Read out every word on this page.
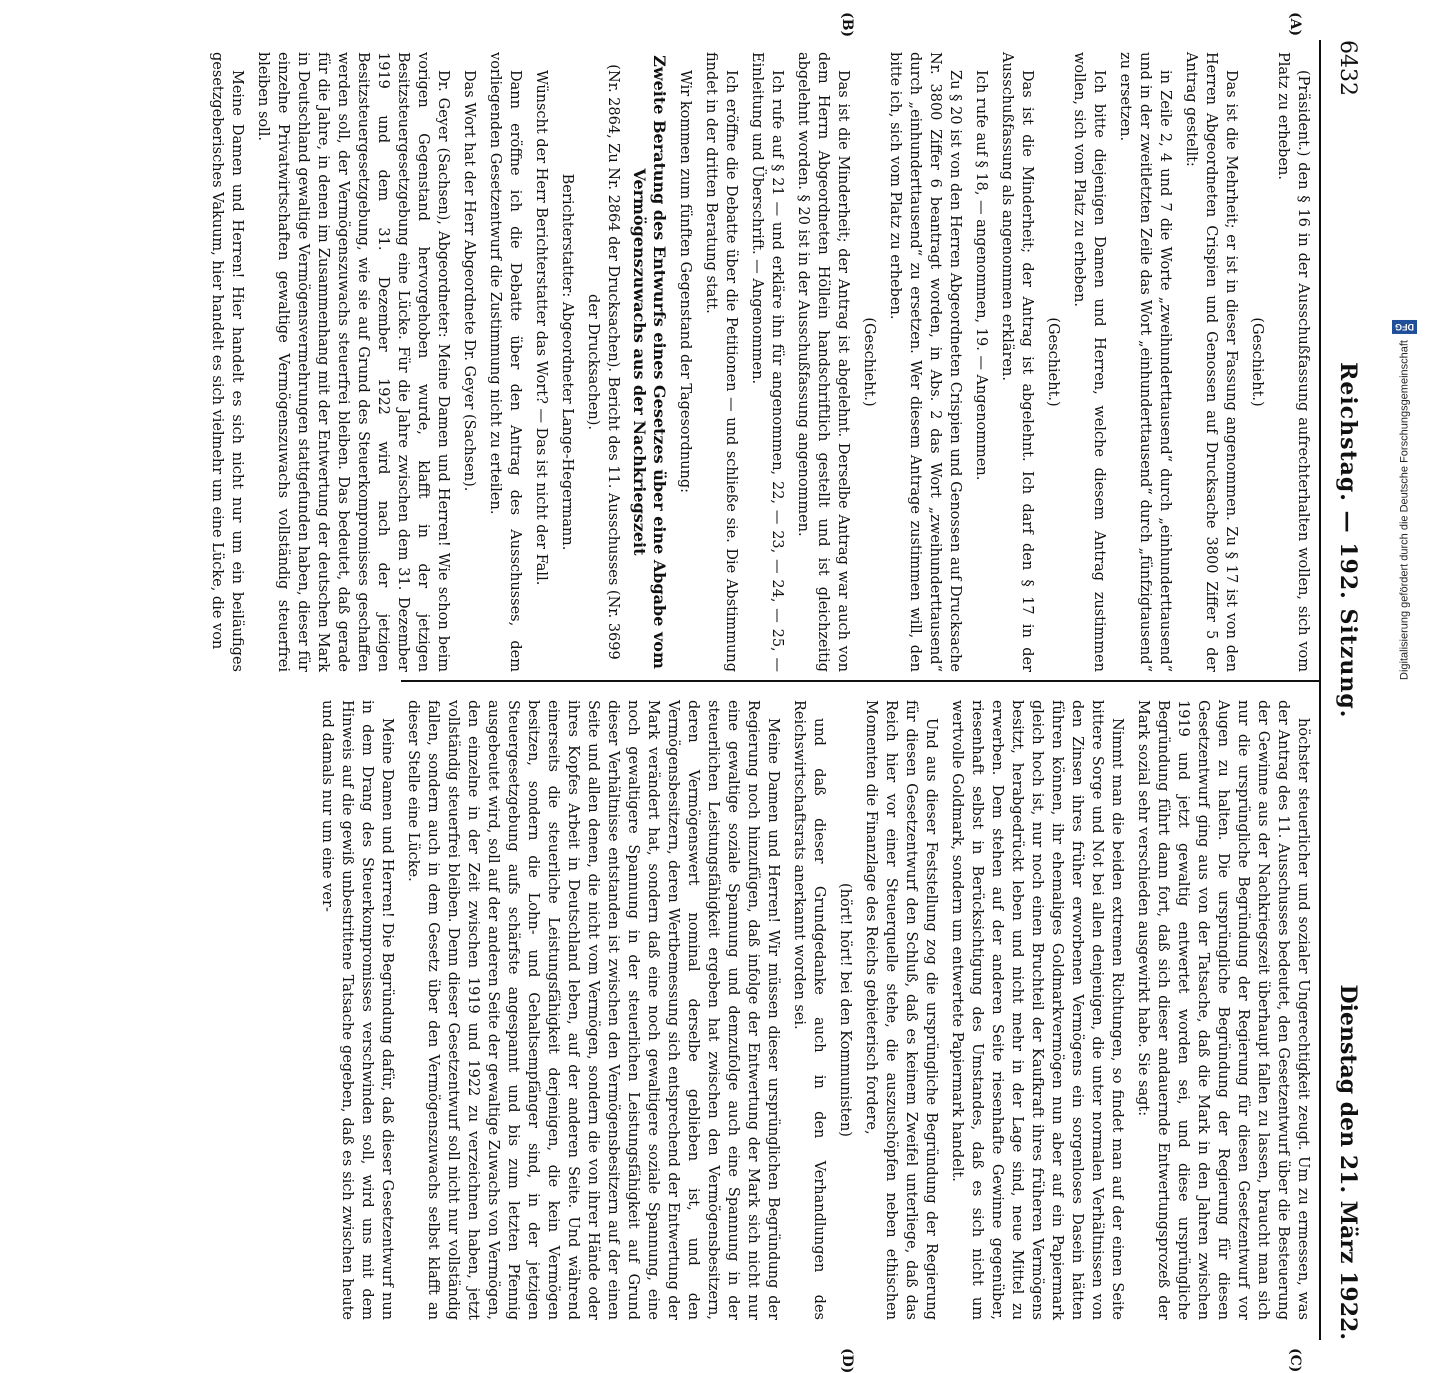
6432
Reichstag. — 192. Sitzung.
Dienstag den 21. März 1922.
(A)
(B)
(C)
(D)

(Präsident.) den § 16 in der Ausschußfassung aufrechterhalten wollen, sich vom Platz zu erheben.

(Geschieht.)

Das ist die Mehrheit; er ist in dieser Fassung angenommen. Zu § 17 ist von den Herren Abgeordneten Crispien und Genossen auf Drucksache 3800 Ziffer 5 der Antrag gestellt:

in Zeile 2, 4 und 7 die Worte „zweihunderttausend“ durch „einhunderttausend“ und in der zweitletzten Zeile das Wort „einhunderttausend“ durch „fünfzigtausend“ zu ersetzen.

Ich bitte diejenigen Damen und Herren, welche diesem Antrag zustimmen wollen, sich vom Platz zu erheben.

(Geschieht.)

Das ist die Minderheit; der Antrag ist abgelehnt. Ich darf den § 17 in der Ausschußfassung als angenommen erklären.

Ich rufe auf § 18, — angenommen, 19. — Angenommen.

Zu § 20 ist von den Herren Abgeordneten Crispien und Genossen auf Drucksache Nr. 3800 Ziffer 6 beantragt worden, in Abs. 2 das Wort „zweihunderttausend“ durch „einhunderttausend“ zu ersetzen. Wer diesem Antrage zustimmen will, den bitte ich, sich vom Platz zu erheben.

(Geschieht.)

Das ist die Minderheit; der Antrag ist abgelehnt. Derselbe Antrag war auch von dem Herrn Abgeordneten Höllein handschriftlich gestellt und ist gleichzeitig abgelehnt worden. § 20 ist in der Ausschußfassung angenommen.

Ich rufe auf § 21 — und erkläre ihn für angenommen, 22, — 23, — 24, — 25, — Einleitung und Überschrift. — Angenommen.

Ich eröffne die Debatte über die Petitionen — und schließe sie. Die Abstimmung findet in der dritten Beratung statt.

Wir kommen zum fünften Gegenstand der Tagesordnung:

Zweite Beratung des Entwurfs eines Gesetzes über eine Abgabe vom Vermögenszuwachs aus der Nachkriegszeit

(Nr. 2864, Zu Nr. 2864 der Drucksachen). Bericht des 11. Ausschusses (Nr. 3699 der Drucksachen).

Berichterstatter: Abgeordneter Lange-Hegermann.

Wünscht der Herr Berichterstatter das Wort? — Das ist nicht der Fall.

Dann eröffne ich die Debatte über den Antrag des Ausschusses, dem vorliegenden Gesetzentwurf die Zustimmung nicht zu erteilen.

Das Wort hat der Herr Abgeordnete Dr. Geyer (Sachsen).

Dr. Geyer (Sachsen), Abgeordneter: Meine Damen und Herren! Wie schon beim vorigen Gegenstand hervorgehoben wurde, klafft in der jetzigen Besitzsteuergesetzgebung eine Lücke. Für die Jahre zwischen dem 31. Dezember 1919 und dem 31. Dezember 1922 wird nach der jetzigen Besitzsteuergesetzgebung, wie sie auf Grund des Steuerkompromisses geschaffen werden soll, der Vermögenszuwachs steuerfrei bleiben. Das bedeutet, daß gerade für die Jahre, in denen im Zusammenhang mit der Entwertung der deutschen Mark in Deutschland gewaltige Vermögensvermehrungen stattgefunden haben, dieser für einzelne Privatwirtschaften gewaltige Vermögenszuwachs vollständig steuerfrei bleiben soll.

Meine Damen und Herren! Hier handelt es sich nicht nur um ein beiläufiges gesetzgeberisches Vakuum, hier handelt es sich vielmehr um eine Lücke, die von

höchster steuerlicher und sozialer Ungerechtigkeit zeugt. Um zu ermessen, was der Antrag des 11. Ausschusses bedeutet, den Gesetzentwurf über die Besteuerung der Gewinne aus der Nachkriegszeit überhaupt fallen zu lassen, braucht man sich nur die ursprüngliche Begründung der Regierung für diesen Gesetzentwurf vor Augen zu halten. Die ursprüngliche Begründung der Regierung für diesen Gesetzentwurf ging aus von der Tatsache, daß die Mark in den Jahren zwischen 1919 und jetzt gewaltig entwertet worden sei, und diese ursprüngliche Begründung führt dann fort, daß sich dieser andauernde Entwertungsprozeß der Mark sozial sehr verschieden ausgewirkt habe. Sie sagt:

Nimmt man die beiden extremen Richtungen, so findet man auf der einen Seite bittere Sorge und Not bei allen denjenigen, die unter normalen Verhältnissen von den Zinsen ihres früher erworbenen Vermögens ein sorgenloses Dasein hätten führen können, ihr ehemaliges Goldmarkvermögen nun aber auf ein Papiermark gleich hoch ist, nur noch einen Bruchteil der Kaufkraft ihres früheren Vermögens besitzt, herabgedrückt leben und nicht mehr in der Lage sind, neue Mittel zu erwerben. Dem stehen auf der anderen Seite riesenhafte Gewinne gegenüber, riesenhaft selbst in Berücksichtigung des Umstandes, daß es sich nicht um wertvolle Goldmark, sondern um entwertete Papiermark handelt.

Und aus dieser Feststellung zog die ursprüngliche Begründung der Regierung für diesen Gesetzentwurf den Schluß, daß es keinem Zweifel unterliege, daß das Reich hier vor einer Steuerquelle stehe, die auszuschöpfen neben ethischen Momenten die Finanzlage des Reichs gebieterisch fordere,

(hört! hört! bei den Kommunisten)

und daß dieser Grundgedanke auch in den Verhandlungen des Reichswirtschaftsrats anerkannt worden sei.

Meine Damen und Herren! Wir müssen dieser ursprünglichen Begründung der Regierung noch hinzufügen, daß infolge der Entwertung der Mark sich nicht nur eine gewaltige soziale Spannung und demzufolge auch eine Spannung in der steuerlichen Leistungsfähigkeit ergeben hat zwischen den Vermögensbesitzern, deren Vermögenswert nominal derselbe geblieben ist, und den Vermögensbesitzern, deren Wertbemessung sich entsprechend der Entwertung der Mark verändert hat, sondern daß eine noch gewaltigere soziale Spannung, eine noch gewaltigere Spannung in der steuerlichen Leistungsfähigkeit auf Grund dieser Verhältnisse entstanden ist zwischen den Vermögensbesitzern auf der einen Seite und allen denen, die nicht vom Vermögen, sondern die von ihrer Hände oder ihres Kopfes Arbeit in Deutschland leben, auf der anderen Seite. Und während einerseits die steuerliche Leistungsfähigkeit derjenigen, die kein Vermögen besitzen, sondern die Lohn- und Gehaltsempfänger sind, in der jetzigen Steuergesetzgebung aufs schärfste angespannt und bis zum letzten Pfennig ausgebeutet wird, soll auf der anderen Seite der gewaltige Zuwachs von Vermögen, den einzelne in der Zeit zwischen 1919 und 1922 zu verzeichnen haben, jetzt vollständig steuerfrei bleiben. Denn dieser Gesetzentwurf soll nicht nur vollständig fallen, sondern auch in dem Gesetz über den Vermögenszuwachs selbst klafft an dieser Stelle eine Lücke.

Meine Damen und Herren! Die Begründung dafür, daß dieser Gesetzentwurf nun in dem Drang des Steuerkompromisses verschwinden soll, wird uns mit dem Hinweis auf die gewiß unbestrittene Tatsache gegeben, daß es sich zwischen heute und damals nur um eine ver-

Digitalisierung gefördert durch die Deutsche Forschungsgemeinschaft
DFG
